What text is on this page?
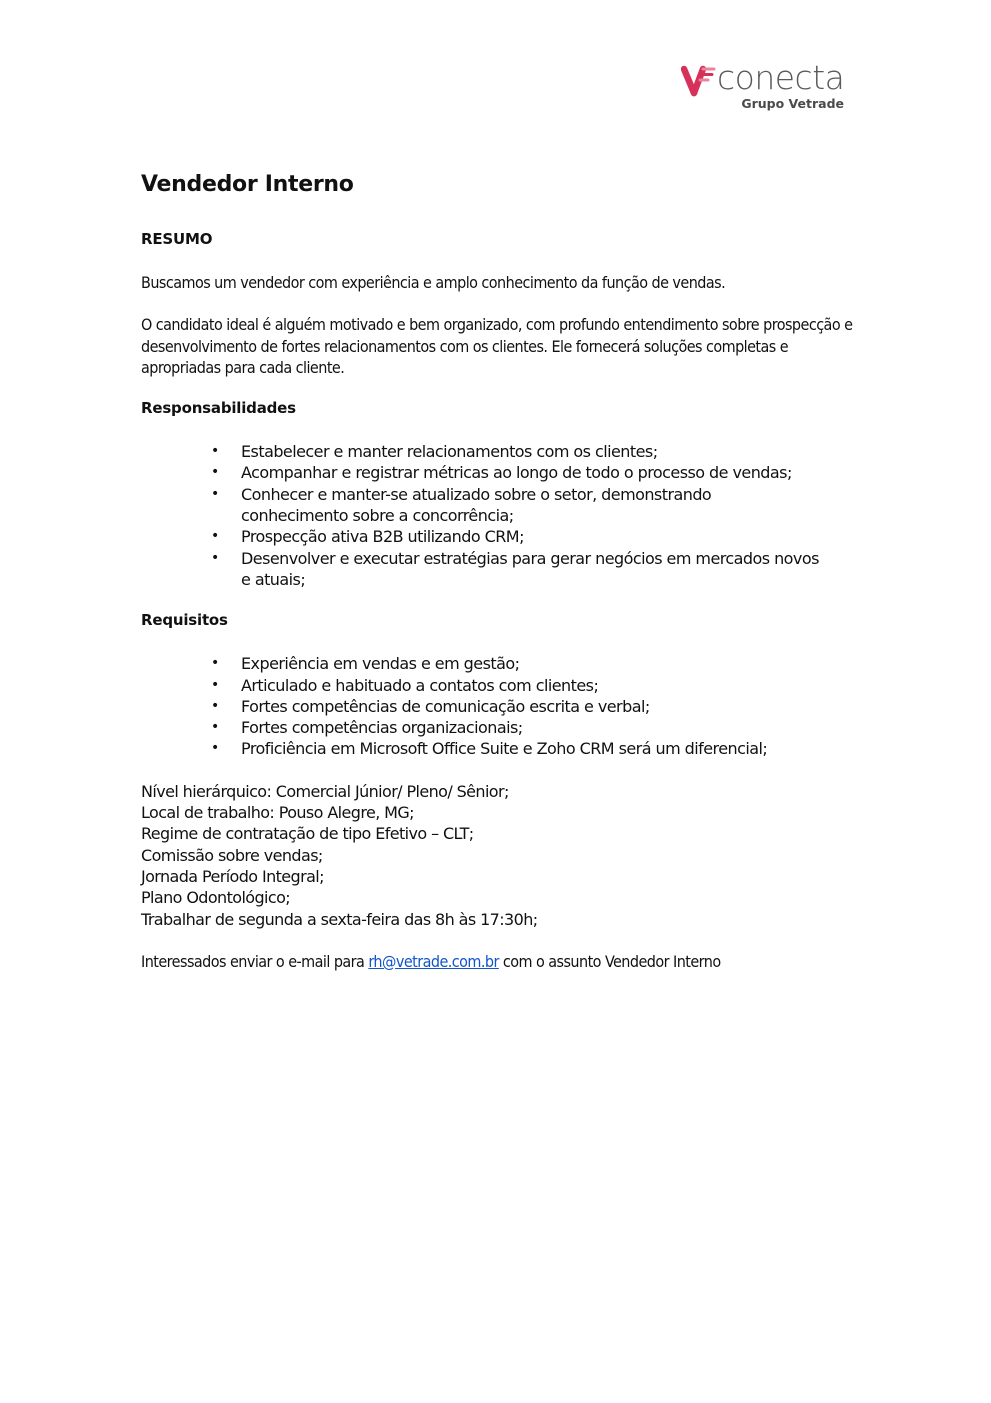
conecta
Grupo Vetrade
Vendedor Interno
RESUMO

Buscamos um vendedor com experiência e amplo conhecimento da função de vendas.

O candidato ideal é alguém motivado e bem organizado, com profundo entendimento sobre prospecção e desenvolvimento de fortes relacionamentos com os clientes. Ele fornecerá soluções completas e apropriadas para cada cliente.

Responsabilidades
• Estabelecer e manter relacionamentos com os clientes;
• Acompanhar e registrar métricas ao longo de todo o processo de vendas;
• Conhecer e manter-se atualizado sobre o setor, demonstrando conhecimento sobre a concorrência;
• Prospecção ativa B2B utilizando CRM;
• Desenvolver e executar estratégias para gerar negócios em mercados novos e atuais;
Requisitos
• Experiência em vendas e em gestão;
• Articulado e habituado a contatos com clientes;
• Fortes competências de comunicação escrita e verbal;
• Fortes competências organizacionais;
• Proficiência em Microsoft Office Suite e Zoho CRM será um diferencial;
Nível hierárquico: Comercial Júnior/ Pleno/ Sênior;
Local de trabalho: Pouso Alegre, MG;
Regime de contratação de tipo Efetivo – CLT;
Comissão sobre vendas;
Jornada Período Integral;
Plano Odontológico;
Trabalhar de segunda a sexta-feira das 8h às 17:30h;

Interessados enviar o e-mail para rh@vetrade.com.br com o assunto Vendedor Interno
